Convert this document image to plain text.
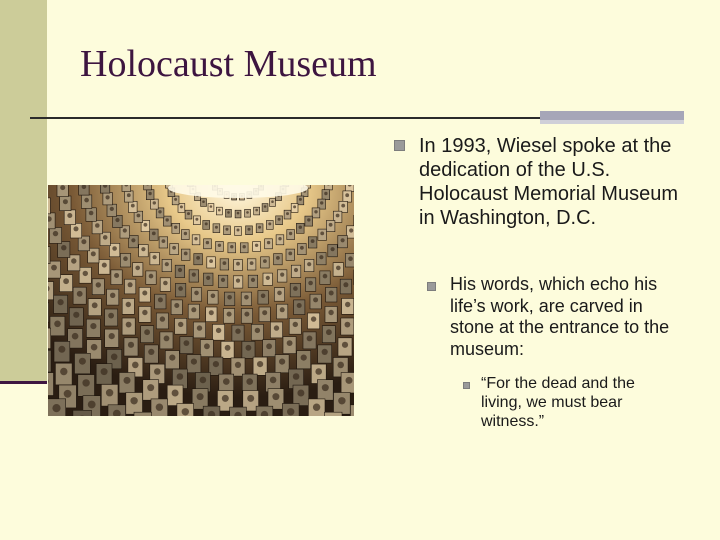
Holocaust Museum
In 1993, Wiesel spoke at the dedication of the U.S. Holocaust Memorial Museum in Washington, D.C.
His words, which echo his life’s work, are carved in stone at the entrance to the museum:
“For the dead and the living, we must bear witness.”
